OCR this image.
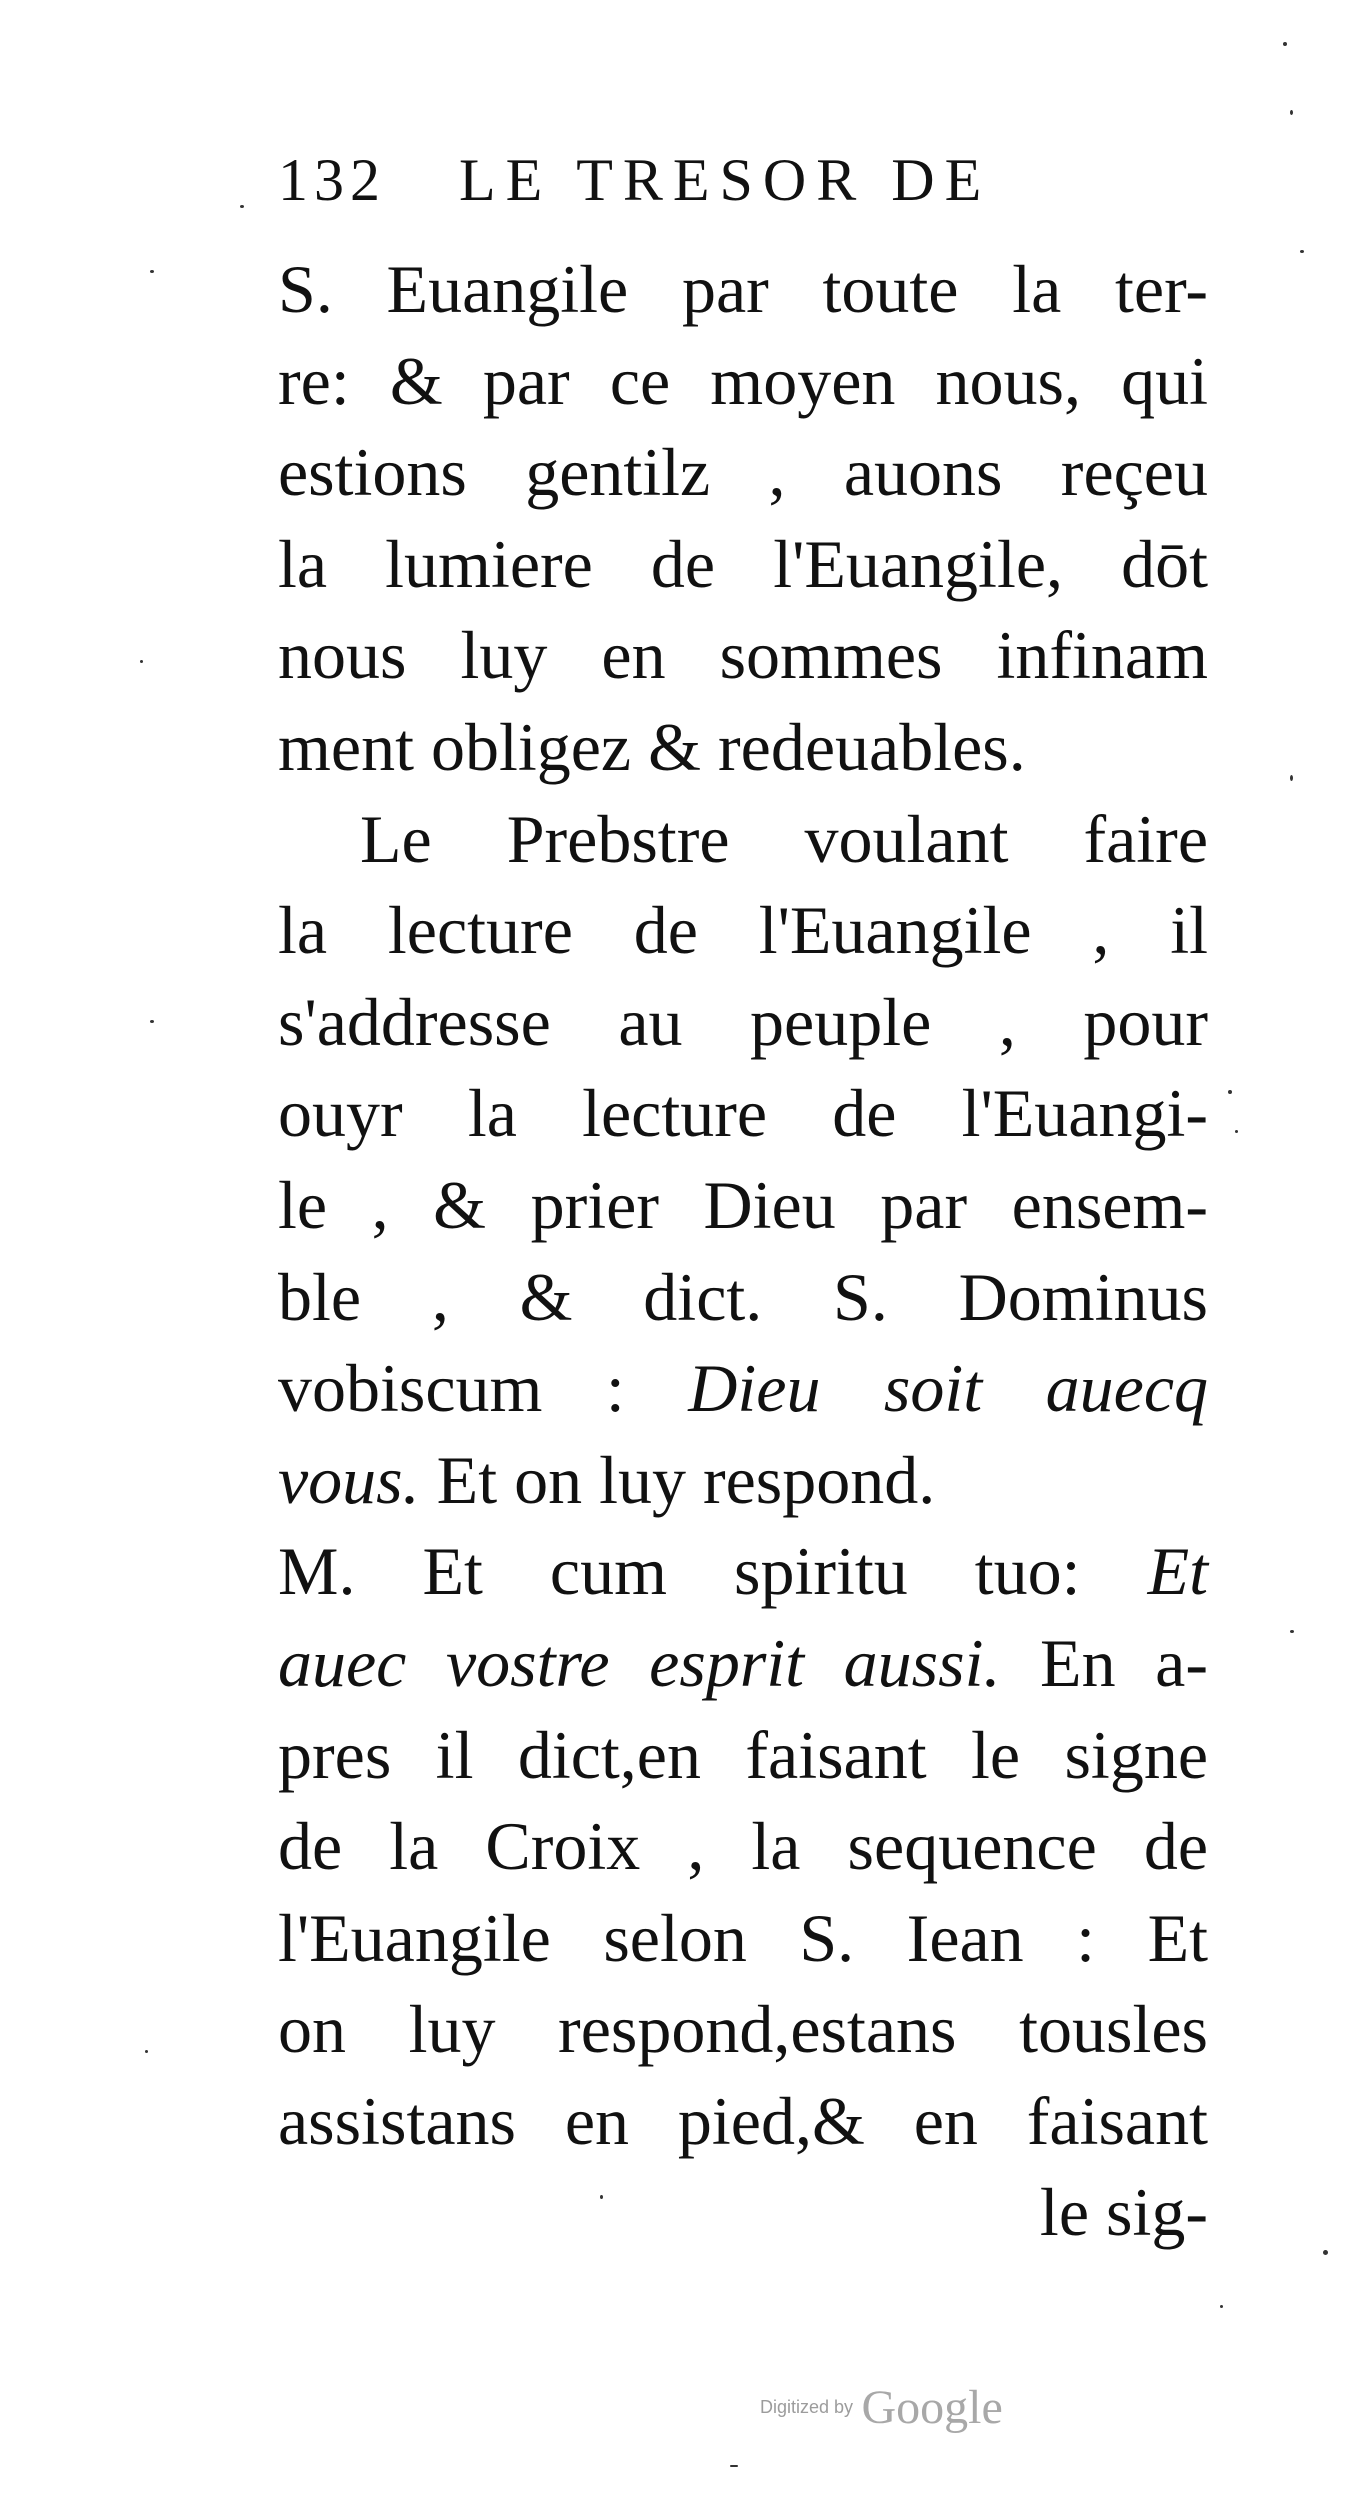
132 LE TRESOR DE
S. Euangile par toute la ter-
re: & par ce moyen nous, qui
estions gentilz , auons reçeu
la lumiere de l'Euangile, dōt
nous luy en sommes infinam
ment obligez & redeuables.
Le Prebstre voulant faire
la lecture de l'Euangile , il
s'addresse au peuple , pour
ouyr la lecture de l'Euangi-
le , & prier Dieu par ensem-
ble , & dict. S. Dominus
vobiscum : Dieu soit auecq
vous. Et on luy respond.
M. Et cum spiritu tuo: Et
auec vostre esprit aussi. En a-
pres il dict,en faisant le signe
de la Croix , la sequence de
l'Euangile selon S. Iean : Et
on luy respond,estans tousles
assistans en pied,& en faisant
le sig-
Digitized by Google
